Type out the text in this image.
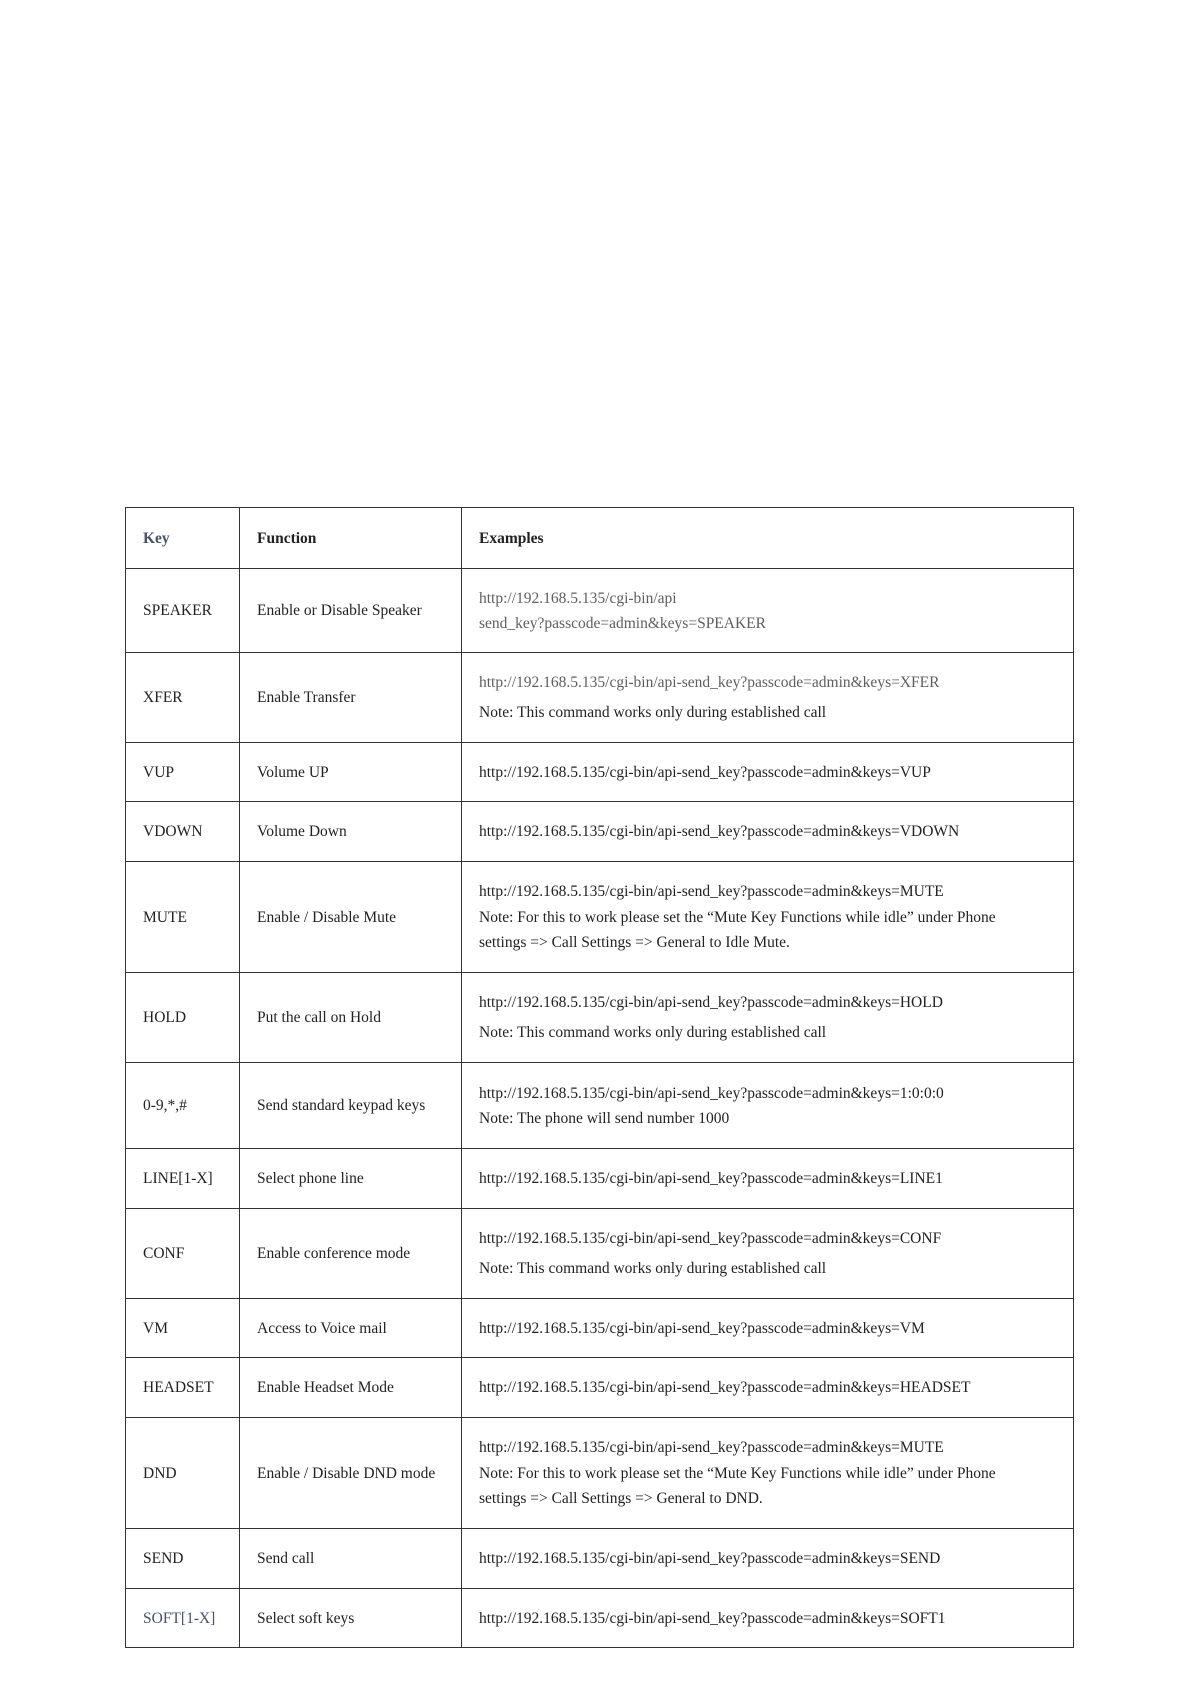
Key	Function	Examples
SPEAKER	Enable or Disable Speaker	http://192.168.5.135/cgi-bin/api
send_key?passcode=admin&keys=SPEAKER

XFER	Enable Transfer	http://192.168.5.135/cgi-bin/api-send_key?passcode=admin&keys=XFER
Note: This command works only during established call

VUP	Volume UP	http://192.168.5.135/cgi-bin/api-send_key?passcode=admin&keys=VUP

VDOWN	Volume Down	http://192.168.5.135/cgi-bin/api-send_key?passcode=admin&keys=VDOWN

MUTE	Enable / Disable Mute	http://192.168.5.135/cgi-bin/api-send_key?passcode=admin&keys=MUTE
Note: For this to work please set the “Mute Key Functions while idle” under Phone
settings => Call Settings => General to Idle Mute.

HOLD	Put the call on Hold	http://192.168.5.135/cgi-bin/api-send_key?passcode=admin&keys=HOLD
Note: This command works only during established call

0-9,*,#	Send standard keypad keys	http://192.168.5.135/cgi-bin/api-send_key?passcode=admin&keys=1:0:0:0
Note: The phone will send number 1000

LINE[1-X]	Select phone line	http://192.168.5.135/cgi-bin/api-send_key?passcode=admin&keys=LINE1

CONF	Enable conference mode	http://192.168.5.135/cgi-bin/api-send_key?passcode=admin&keys=CONF
Note: This command works only during established call

VM	Access to Voice mail	http://192.168.5.135/cgi-bin/api-send_key?passcode=admin&keys=VM

HEADSET	Enable Headset Mode	http://192.168.5.135/cgi-bin/api-send_key?passcode=admin&keys=HEADSET

DND	Enable / Disable DND mode	http://192.168.5.135/cgi-bin/api-send_key?passcode=admin&keys=MUTE
Note: For this to work please set the “Mute Key Functions while idle” under Phone
settings => Call Settings => General to DND.

SEND	Send call	http://192.168.5.135/cgi-bin/api-send_key?passcode=admin&keys=SEND

SOFT[1-X]	Select soft keys	http://192.168.5.135/cgi-bin/api-send_key?passcode=admin&keys=SOFT1
